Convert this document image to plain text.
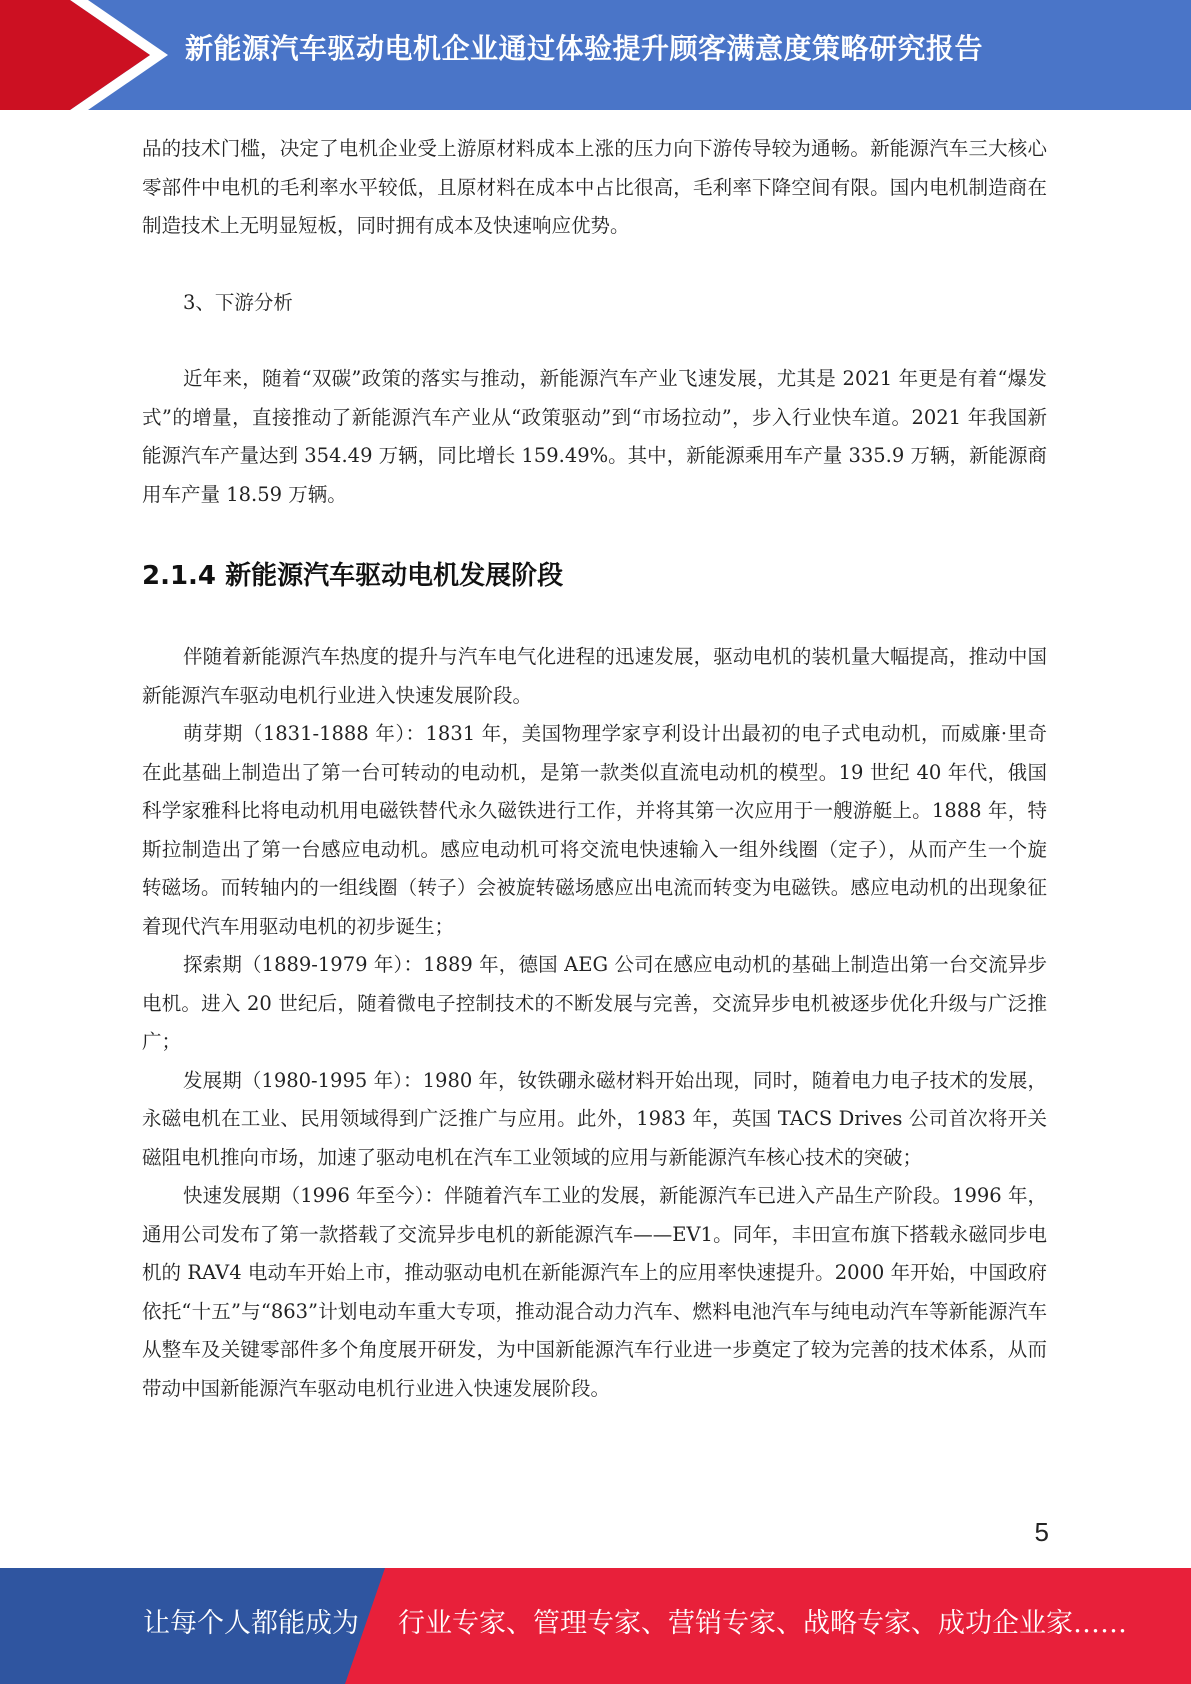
新能源汽车驱动电机企业通过体验提升顾客满意度策略研究报告

品的技术门槛，决定了电机企业受上游原材料成本上涨的压力向下游传导较为通畅。新能源汽车三大核心零部件中电机的毛利率水平较低，且原材料在成本中占比很高，毛利率下降空间有限。国内电机制造商在制造技术上无明显短板，同时拥有成本及快速响应优势。

3、下游分析

近年来，随着“双碳”政策的落实与推动，新能源汽车产业飞速发展，尤其是 2021 年更是有着“爆发式”的增量，直接推动了新能源汽车产业从“政策驱动”到“市场拉动”，步入行业快车道。2021 年我国新能源汽车产量达到 354.49 万辆，同比增长 159.49%。其中，新能源乘用车产量 335.9 万辆，新能源商用车产量 18.59 万辆。

2.1.4 新能源汽车驱动电机发展阶段

伴随着新能源汽车热度的提升与汽车电气化进程的迅速发展，驱动电机的装机量大幅提高，推动中国新能源汽车驱动电机行业进入快速发展阶段。

萌芽期（1831-1888 年）：1831 年，美国物理学家亨利设计出最初的电子式电动机，而威廉·里奇在此基础上制造出了第一台可转动的电动机，是第一款类似直流电动机的模型。19 世纪 40 年代，俄国科学家雅科比将电动机用电磁铁替代永久磁铁进行工作，并将其第一次应用于一艘游艇上。1888 年，特斯拉制造出了第一台感应电动机。感应电动机可将交流电快速输入一组外线圈（定子），从而产生一个旋转磁场。而转轴内的一组线圈（转子）会被旋转磁场感应出电流而转变为电磁铁。感应电动机的出现象征着现代汽车用驱动电机的初步诞生；

探索期（1889-1979 年）：1889 年，德国 AEG 公司在感应电动机的基础上制造出第一台交流异步电机。进入 20 世纪后，随着微电子控制技术的不断发展与完善，交流异步电机被逐步优化升级与广泛推广；

发展期（1980-1995 年）：1980 年，钕铁硼永磁材料开始出现，同时，随着电力电子技术的发展，永磁电机在工业、民用领域得到广泛推广与应用。此外，1983 年，英国 TACS Drives 公司首次将开关磁阻电机推向市场，加速了驱动电机在汽车工业领域的应用与新能源汽车核心技术的突破；

快速发展期（1996 年至今）：伴随着汽车工业的发展，新能源汽车已进入产品生产阶段。1996 年，通用公司发布了第一款搭载了交流异步电机的新能源汽车——EV1。同年，丰田宣布旗下搭载永磁同步电机的 RAV4 电动车开始上市，推动驱动电机在新能源汽车上的应用率快速提升。2000 年开始，中国政府依托“十五”与“863”计划电动车重大专项，推动混合动力汽车、燃料电池汽车与纯电动汽车等新能源汽车从整车及关键零部件多个角度展开研发，为中国新能源汽车行业进一步奠定了较为完善的技术体系，从而带动中国新能源汽车驱动电机行业进入快速发展阶段。

5
让每个人都能成为 行业专家、管理专家、营销专家、战略专家、成功企业家……
